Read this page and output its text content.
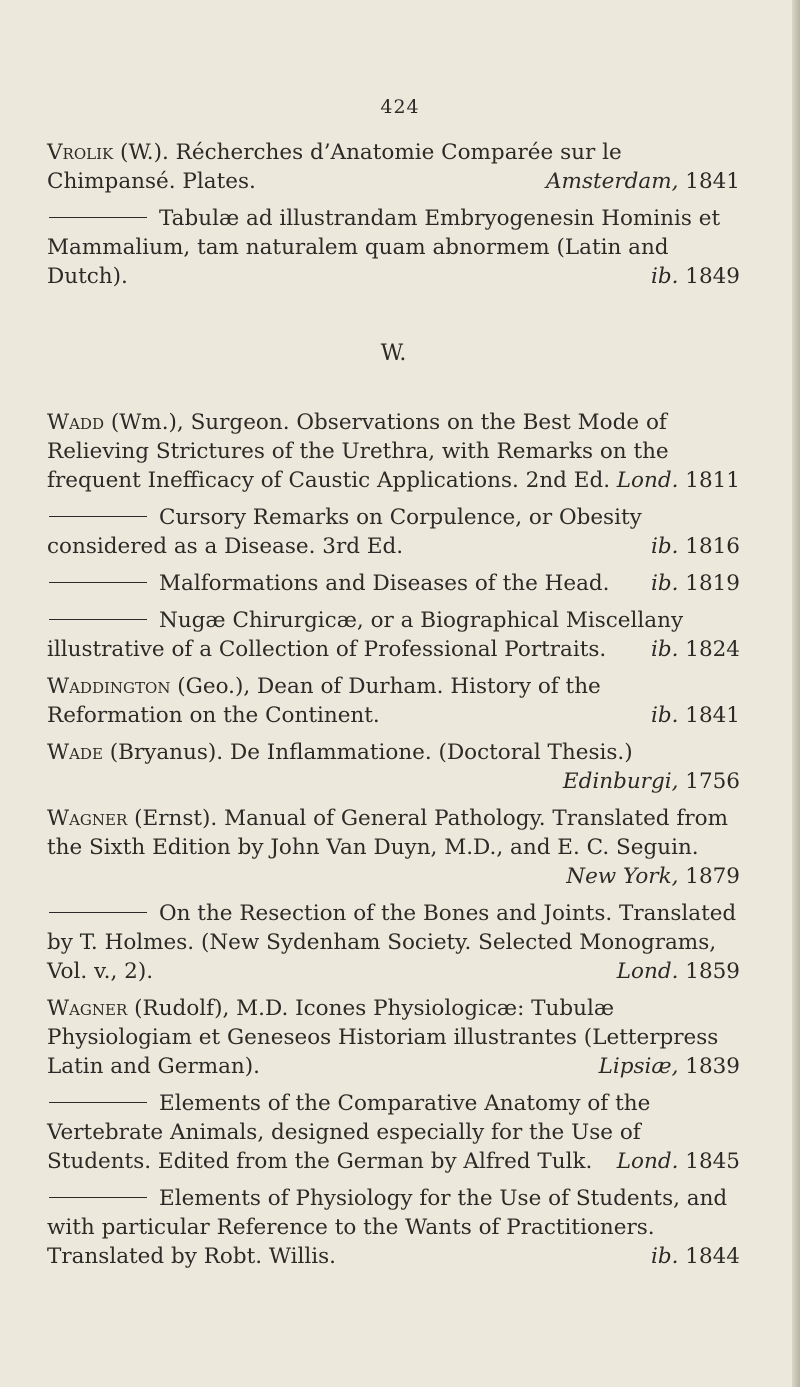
424
Vrolik (W.). Récherches d’Anatomie Comparée sur le Chimpansé. Plates.	Amsterdam, 1841
Tabulæ ad illustrandam Embryogenesin Hominis et Mammalium, tam naturalem quam abnormem (Latin and Dutch).	ib. 1849
W.
Wadd (Wm.), Surgeon. Observations on the Best Mode of Relieving Strictures of the Urethra, with Remarks on the frequent Inefficacy of Caustic Applications. 2nd Ed. Lond. 1811
Cursory Remarks on Corpulence, or Obesity considered as a Disease. 3rd Ed.	ib. 1816
Malformations and Diseases of the Head. ib. 1819
Nugæ Chirurgicæ, or a Biographical Miscellany illustrative of a Collection of Professional Portraits. ib. 1824
Waddington (Geo.), Dean of Durham. History of the Reformation on the Continent.	ib. 1841
Wade (Bryanus). De Inflammatione. (Doctoral Thesis.)
Edinburgi, 1756
Wagner (Ernst). Manual of General Pathology. Translated from the Sixth Edition by John Van Duyn, M.D., and E. C. Seguin.
New York, 1879
On the Resection of the Bones and Joints. Translated by T. Holmes. (New Sydenham Society. Selected Monograms, Vol. v., 2).	Lond. 1859
Wagner (Rudolf), M.D. Icones Physiologicæ: Tubulæ Physiologiam et Geneseos Historiam illustrantes (Letterpress Latin and German).	Lipsiæ, 1839
Elements of the Comparative Anatomy of the Vertebrate Animals, designed especially for the Use of Students. Edited from the German by Alfred Tulk. Lond. 1845
Elements of Physiology for the Use of Students, and with particular Reference to the Wants of Practitioners. Translated by Robt. Willis.	ib. 1844
